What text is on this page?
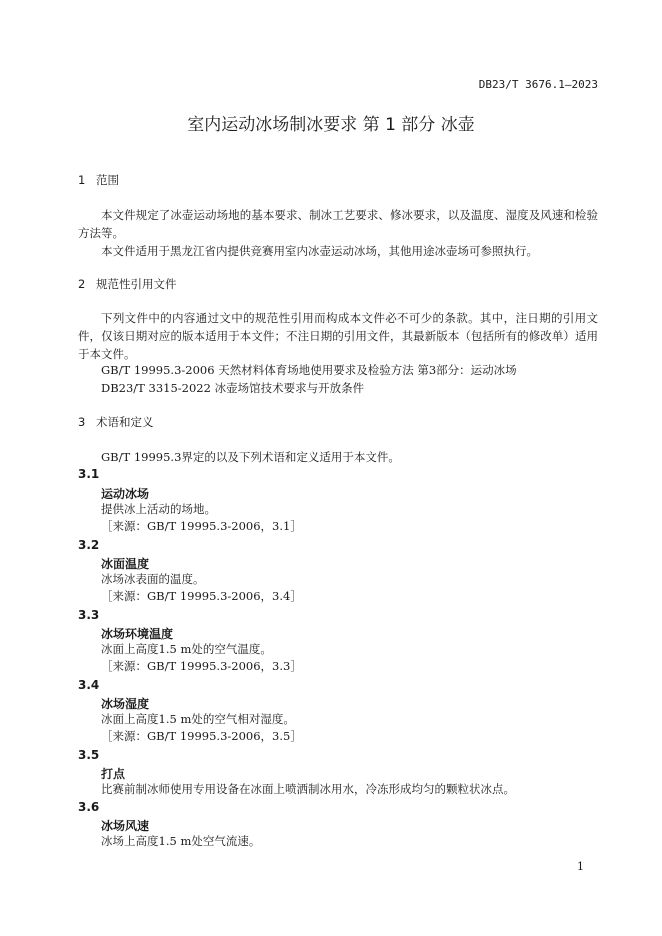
DB23/T 3676.1—2023
室内运动冰场制冰要求 第 1 部分 冰壶
1 范围
本文件规定了冰壶运动场地的基本要求、制冰工艺要求、修冰要求，以及温度、湿度及风速和检验方法等。
本文件适用于黑龙江省内提供竞赛用室内冰壶运动冰场，其他用途冰壶场可参照执行。
2 规范性引用文件
下列文件中的内容通过文中的规范性引用而构成本文件必不可少的条款。其中，注日期的引用文件，仅该日期对应的版本适用于本文件；不注日期的引用文件，其最新版本（包括所有的修改单）适用于本文件。
GB/T 19995.3-2006 天然材料体育场地使用要求及检验方法 第3部分：运动冰场
DB23/T 3315-2022 冰壶场馆技术要求与开放条件
3 术语和定义
GB/T 19995.3界定的以及下列术语和定义适用于本文件。
3.1
运动冰场
提供冰上活动的场地。
［来源：GB/T 19995.3-2006，3.1］
3.2
冰面温度
冰场冰表面的温度。
［来源：GB/T 19995.3-2006，3.4］
3.3
冰场环境温度
冰面上高度1.5 m处的空气温度。
［来源：GB/T 19995.3-2006，3.3］
3.4
冰场湿度
冰面上高度1.5 m处的空气相对湿度。
［来源：GB/T 19995.3-2006，3.5］
3.5
打点
比赛前制冰师使用专用设备在冰面上喷洒制冰用水，冷冻形成均匀的颗粒状冰点。
3.6
冰场风速
冰场上高度1.5 m处空气流速。
1
